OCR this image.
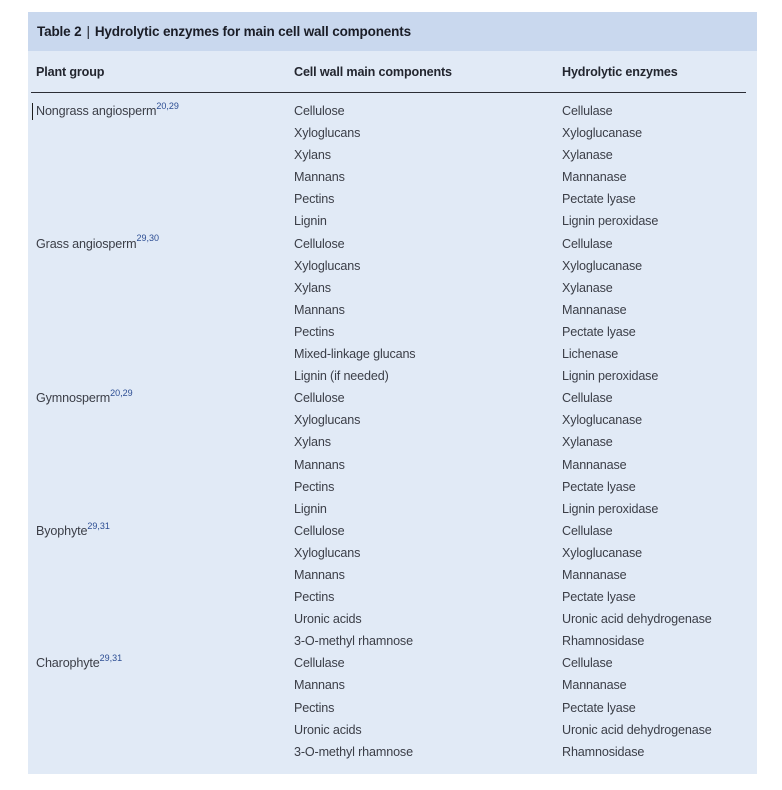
Table 2 | Hydrolytic enzymes for main cell wall components
Plant group	Cell wall main components	Hydrolytic enzymes
Nongrass angiosperm$^{20,29}$	Cellulose	Cellulase
Xyloglucans	Xyloglucanase
Xylans	Xylanase
Mannans	Mannanase
Pectins	Pectate lyase
Lignin	Lignin peroxidase
Grass angiosperm$^{29,30}$	Cellulose	Cellulase
Xyloglucans	Xyloglucanase
Xylans	Xylanase
Mannans	Mannanase
Pectins	Pectate lyase
Mixed-linkage glucans	Lichenase
Lignin (if needed)	Lignin peroxidase
Gymnosperm$^{20,29}$	Cellulose	Cellulase
Xyloglucans	Xyloglucanase
Xylans	Xylanase
Mannans	Mannanase
Pectins	Pectate lyase
Lignin	Lignin peroxidase
Byophyte$^{29,31}$	Cellulose	Cellulase
Xyloglucans	Xyloglucanase
Mannans	Mannanase
Pectins	Pectate lyase
Uronic acids	Uronic acid dehydrogenase
3-O-methyl rhamnose	Rhamnosidase
Charophyte$^{29,31}$	Cellulase	Cellulase
Mannans	Mannanase
Pectins	Pectate lyase
Uronic acids	Uronic acid dehydrogenase
3-O-methyl rhamnose	Rhamnosidase
